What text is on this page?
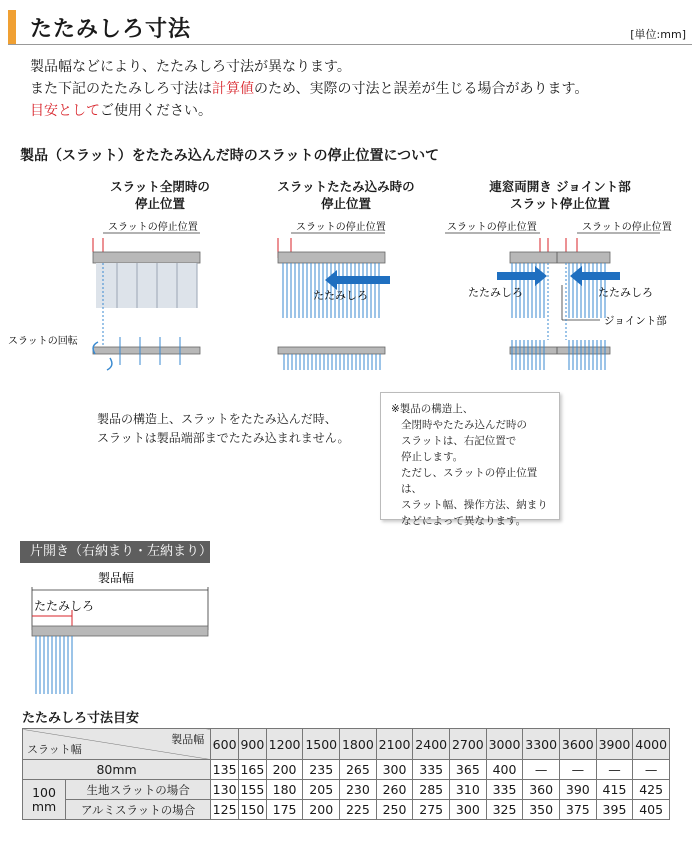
たたみしろ寸法	[単位:mm]
製品幅などにより、たたみしろ寸法が異なります。
また下記のたたみしろ寸法は計算値のため、実際の寸法と誤差が生じる場合があります。
目安としてご使用ください。
製品（スラット）をたたみ込んだ時のスラットの停止位置について
スラット全閉時の
停止位置
スラットたたみ込み時の
停止位置
連窓両開き ジョイント部
スラット停止位置
スラットの停止位置
スラットの回転
スラットの停止位置
たたみしろ
スラットの停止位置	スラットの停止位置
たたみしろ	たたみしろ
ジョイント部
製品の構造上、スラットをたたみ込んだ時、
スラットは製品端部までたたみ込まれません。
※製品の構造上、
全閉時やたたみ込んだ時の
スラットは、右記位置で
停止します。
ただし、スラットの停止位置は、
スラット幅、操作方法、納まり
などによって異なります。
片開き（右納まり・左納まり）
製品幅
たたみしろ
たたみしろ寸法目安
製品幅
スラット幅		600	900	1200	1500	1800	2100	2400	2700	3000	3300	3600	3900	4000
80mm		135	165	200	235	265	300	335	365	400	—	—	—	—
100 mm	生地スラットの場合	130	155	180	205	230	260	285	310	335	360	390	415	425
	アルミスラットの場合	125	150	175	200	225	250	275	300	325	350	375	395	405
